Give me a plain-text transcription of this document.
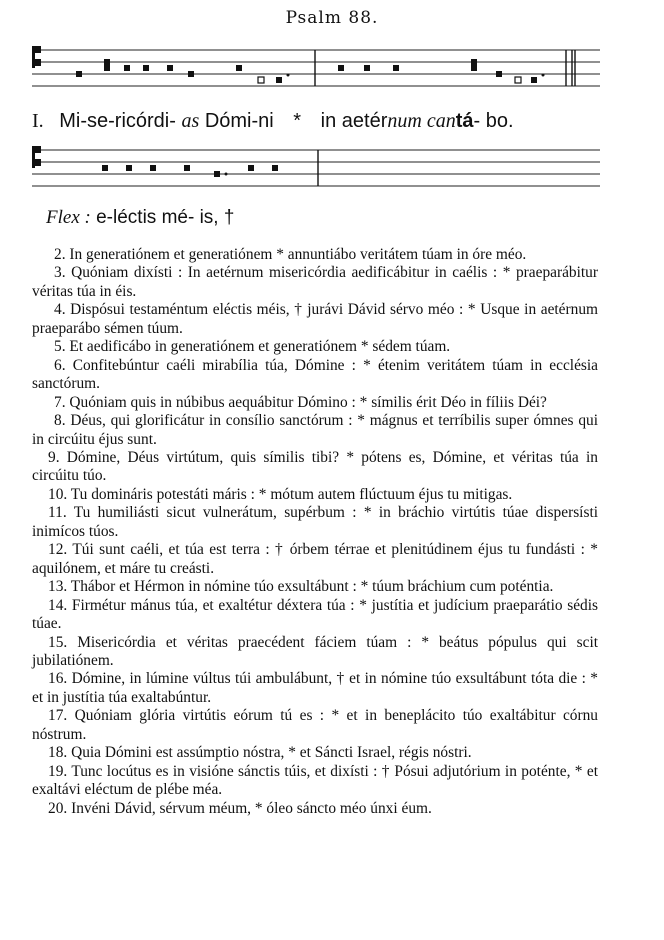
Psalm 88.
I. Mi-se-ricórdi- as Dómi-ni * in aetérnum cantá- bo.
Flex : e-léctis mé- is, †

2. In generatiónem et generatiónem * annuntiábo veritátem túam in óre méo.

3. Quóniam dixísti : In aetérnum misericórdia aedificábitur in caélis : * praeparábitur véritas túa in éis.

4. Dispósui testaméntum eléctis méis, † jurávi Dávid sérvo méo : * Usque in aetérnum praeparábo sémen túum.

5. Et aedificábo in generatiónem et generatiónem * sédem túam.

6. Confitebúntur caéli mirabília túa, Dómine : * étenim veritátem túam in ecclésia sanctórum.

7. Quóniam quis in núbibus aequábitur Dómino : * símilis érit Déo in fíliis Déi?

8. Déus, qui glorificátur in consílio sanctórum : * mágnus et terríbilis super ómnes qui in circúitu éjus sunt.

9. Dómine, Déus virtútum, quis símilis tibi? * pótens es, Dómine, et véritas túa in circúitu túo.

10. Tu domináris potestáti máris : * mótum autem flúctuum éjus tu mitigas.

11. Tu humiliásti sicut vulnerátum, supérbum : * in bráchio virtútis túae dispersísti inimícos túos.

12. Túi sunt caéli, et túa est terra : † órbem térrae et plenitúdinem éjus tu fundásti : * aquilónem, et máre tu creásti.

13. Thábor et Hérmon in nómine túo exsultábunt : * túum bráchium cum poténtia.

14. Firmétur mánus túa, et exaltétur déxtera túa : * justítia et judícium praeparátio sédis túae.

15. Misericórdia et véritas praecédent fáciem túam : * beátus pópulus qui scit jubilatiónem.

16. Dómine, in lúmine vúltus túi ambulábunt, † et in nómine túo exsultábunt tóta die : * et in justítia túa exaltabúntur.

17. Quóniam glória virtútis eórum tú es : * et in beneplácito túo exaltábitur córnu nóstrum.

18. Quia Dómini est assúmptio nóstra, * et Sáncti Israel, régis nóstri.

19. Tunc locútus es in visióne sánctis túis, et dixísti : † Pósui adjutórium in poténte, * et exaltávi eléctum de plébe méa.

20. Invéni Dávid, sérvum méum, * óleo sáncto méo únxi éum.
